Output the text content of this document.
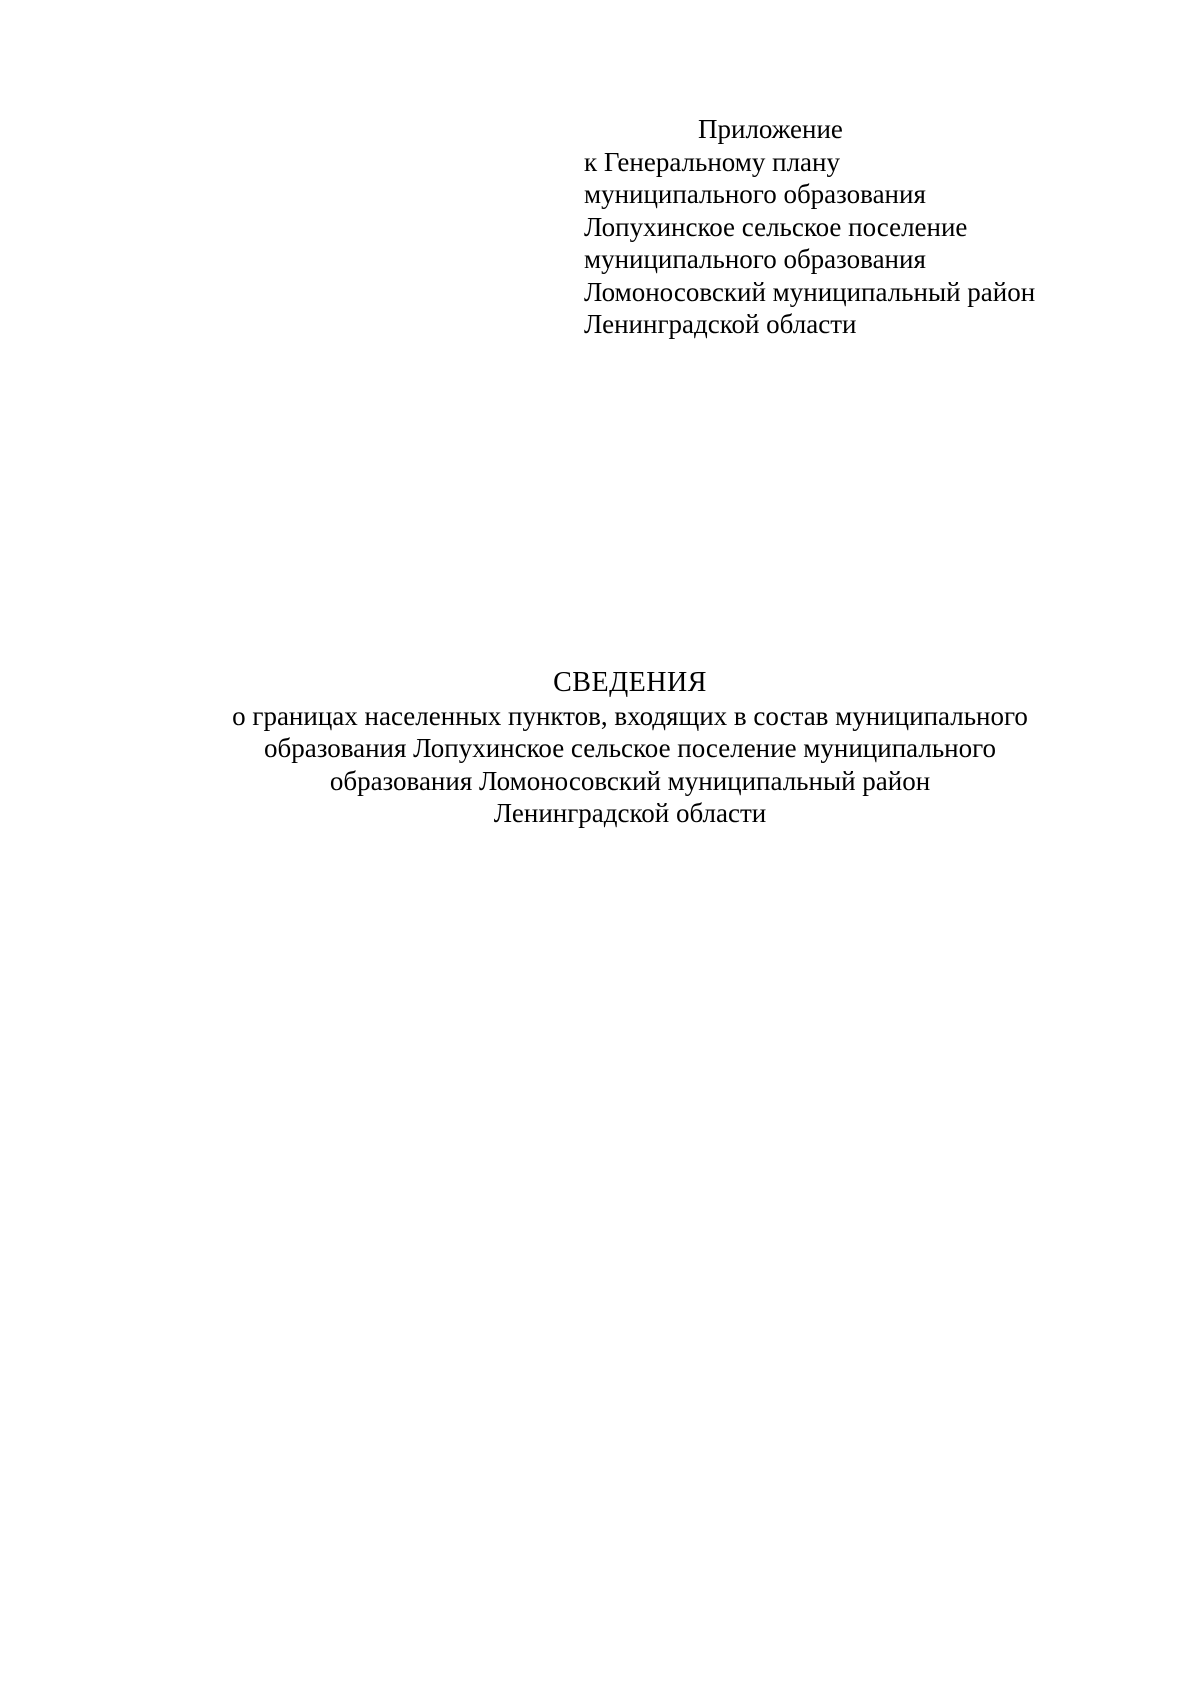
Приложение
к Генеральному плану
муниципального образования
Лопухинское сельское поселение
муниципального образования
Ломоносовский муниципальный район
Ленинградской области
СВЕДЕНИЯ
о границах населенных пунктов, входящих в состав муниципального
образования Лопухинское сельское поселение муниципального
образования Ломоносовский муниципальный район
Ленинградской области
